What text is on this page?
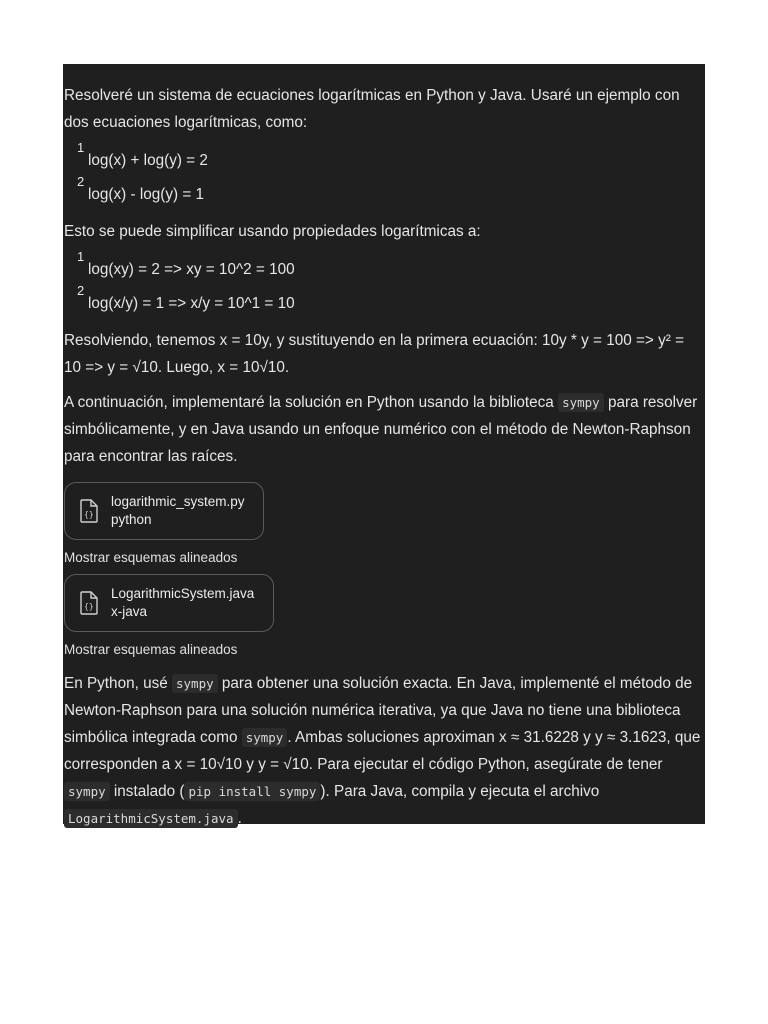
Resolveré un sistema de ecuaciones logarítmicas en Python y Java. Usaré un ejemplo con dos ecuaciones logarítmicas, como:

1
log(x) + log(y) = 2
2
log(x) - log(y) = 1

Esto se puede simplificar usando propiedades logarítmicas a:

1
log(xy) = 2 => xy = 10^2 = 100
2
log(x/y) = 1 => x/y = 10^1 = 10

Resolviendo, tenemos x = 10y, y sustituyendo en la primera ecuación: 10y * y = 100 => y² = 10 => y = √10. Luego, x = 10√10.

A continuación, implementaré la solución en Python usando la biblioteca sympy para resolver simbólicamente, y en Java usando un enfoque numérico con el método de Newton-Raphson para encontrar las raíces.

{}
logarithmic_system.py
python
Mostrar esquemas alineados
{}
LogarithmicSystem.java
x-java
Mostrar esquemas alineados

En Python, usé sympy para obtener una solución exacta. En Java, implementé el método de Newton-Raphson para una solución numérica iterativa, ya que Java no tiene una biblioteca simbólica integrada como sympy . Ambas soluciones aproximan x ≈ 31.6228 y y ≈ 3.1623, que corresponden a x = 10√10 y y = √10. Para ejecutar el código Python, asegúrate de tener sympy instalado ( pip install sympy ). Para Java, compila y ejecuta el archivo LogarithmicSystem.java .
